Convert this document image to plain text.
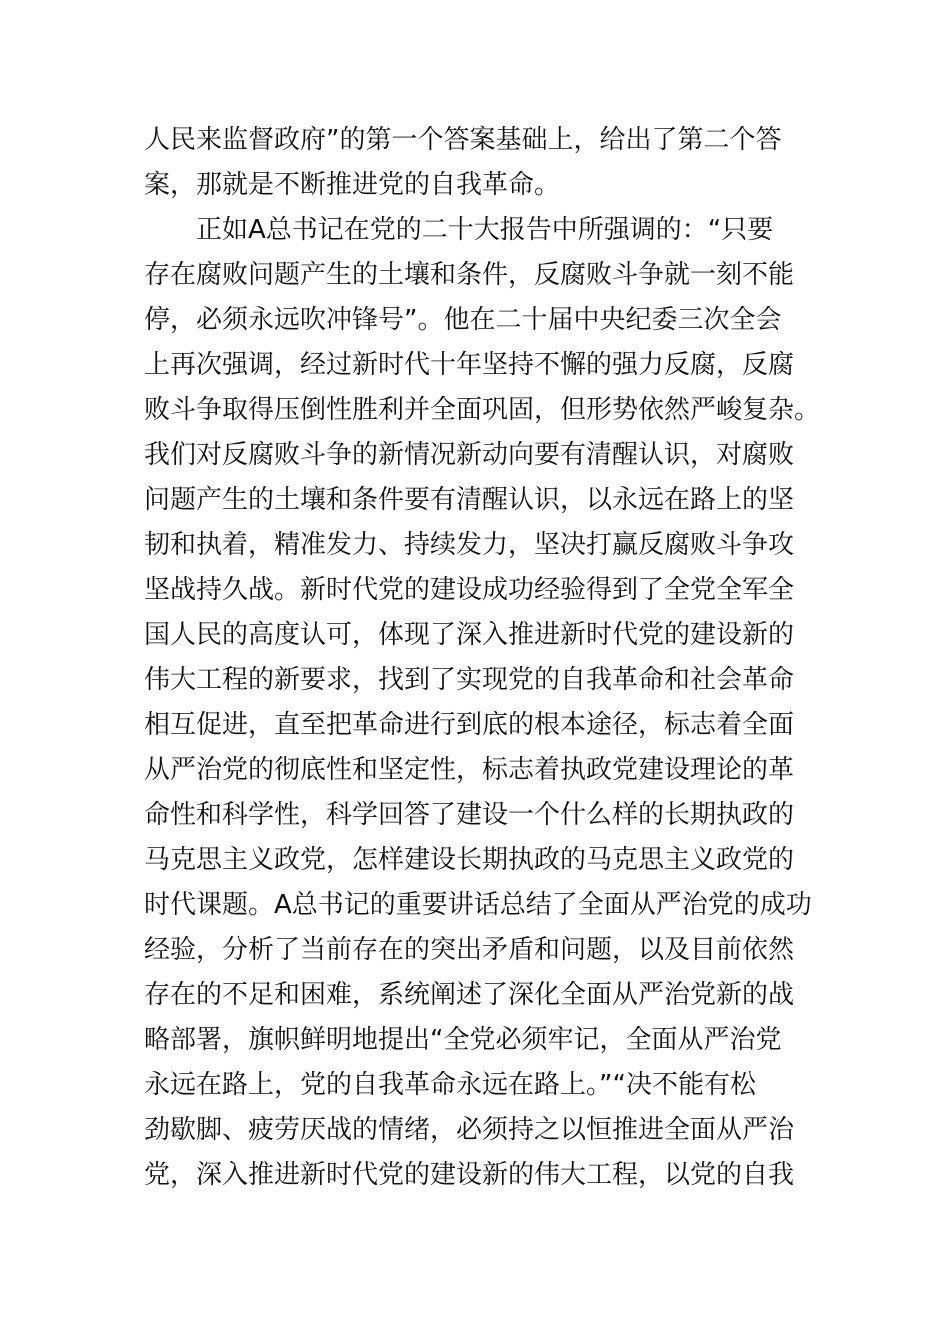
人民来监督政府”的第一个答案基础上，给出了第二个答
案，那就是不断推进党的自我革命。
正如A总书记在党的二十大报告中所强调的：“只要
存在腐败问题产生的土壤和条件，反腐败斗争就一刻不能
停，必须永远吹冲锋号”。他在二十届中央纪委三次全会
上再次强调，经过新时代十年坚持不懈的强力反腐，反腐
败斗争取得压倒性胜利并全面巩固，但形势依然严峻复杂。
我们对反腐败斗争的新情况新动向要有清醒认识，对腐败
问题产生的土壤和条件要有清醒认识，以永远在路上的坚
韧和执着，精准发力、持续发力，坚决打赢反腐败斗争攻
坚战持久战。新时代党的建设成功经验得到了全党全军全
国人民的高度认可，体现了深入推进新时代党的建设新的
伟大工程的新要求，找到了实现党的自我革命和社会革命
相互促进，直至把革命进行到底的根本途径，标志着全面
从严治党的彻底性和坚定性，标志着执政党建设理论的革
命性和科学性，科学回答了建设一个什么样的长期执政的
马克思主义政党，怎样建设长期执政的马克思主义政党的
时代课题。A总书记的重要讲话总结了全面从严治党的成功
经验，分析了当前存在的突出矛盾和问题，以及目前依然
存在的不足和困难，系统阐述了深化全面从严治党新的战
略部署，旗帜鲜明地提出“全党必须牢记，全面从严治党
永远在路上，党的自我革命永远在路上。”“决不能有松
劲歇脚、疲劳厌战的情绪，必须持之以恒推进全面从严治
党，深入推进新时代党的建设新的伟大工程，以党的自我
